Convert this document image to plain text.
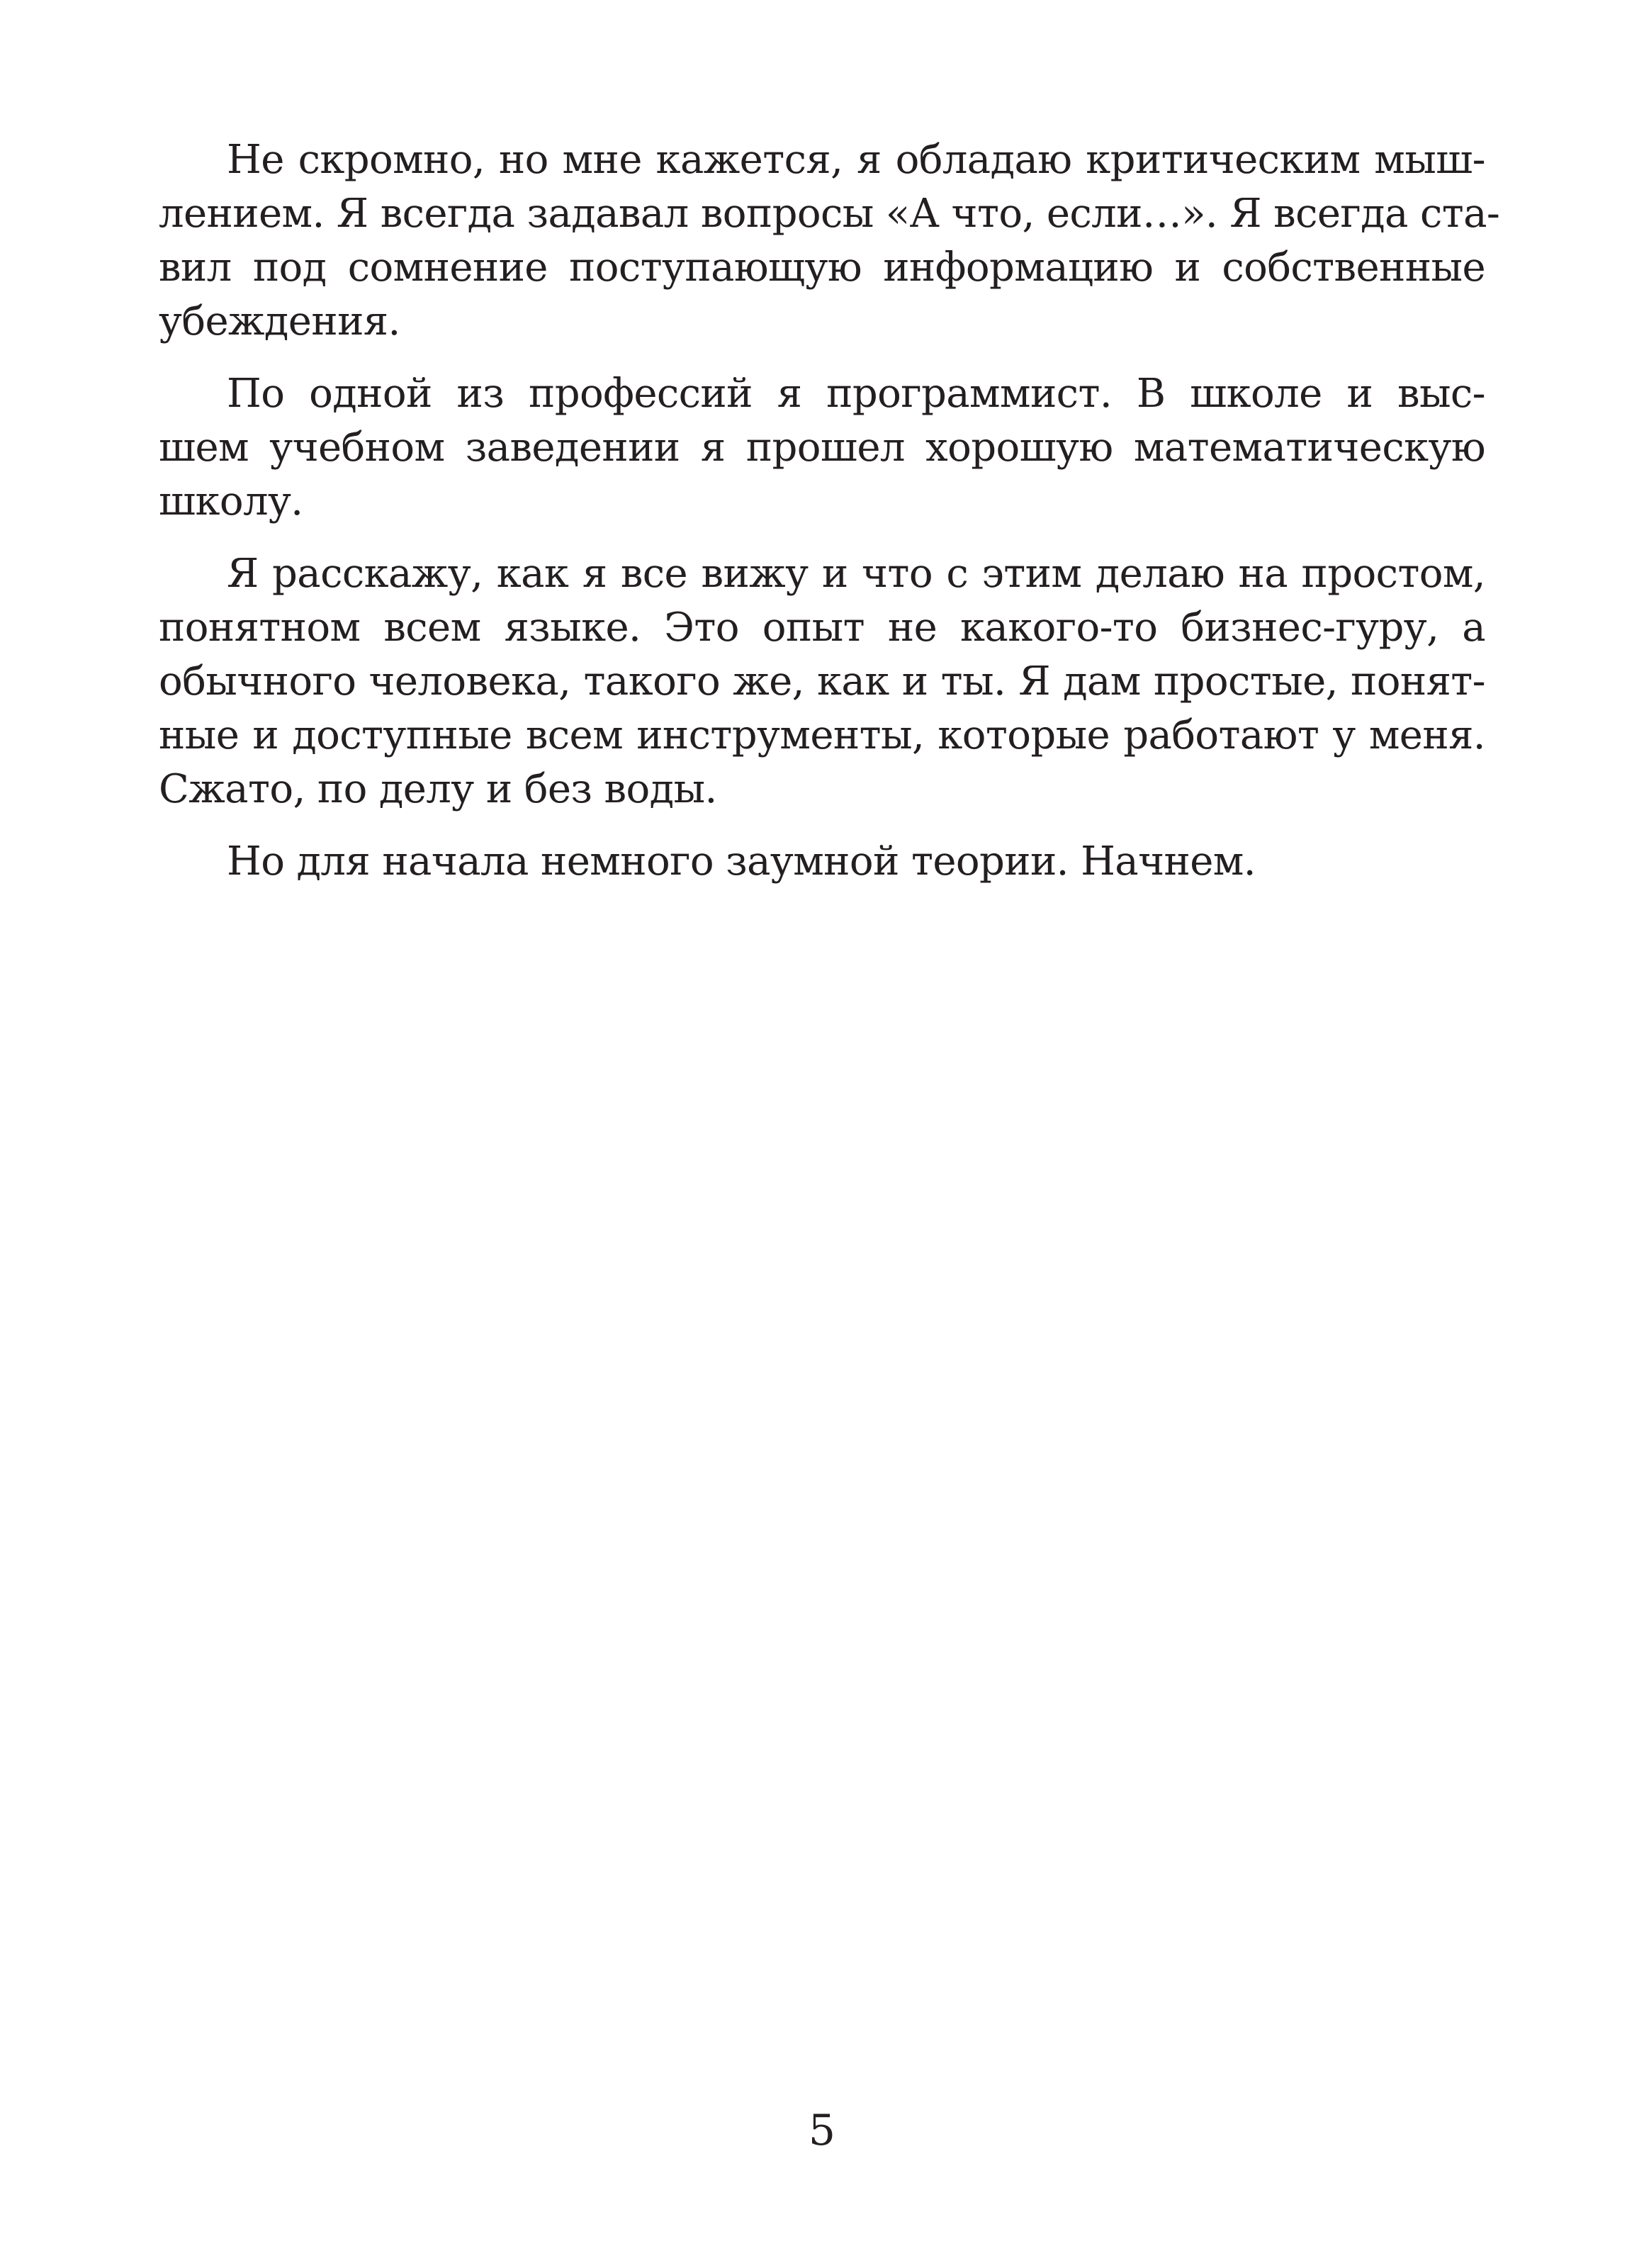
Не скромно, но мне кажется, я обладаю критическим мыш-
лением. Я всегда задавал вопросы «А что, если…». Я всегда ста-
вил под сомнение поступающую информацию и собственные
убеждения.
По одной из профессий я программист. В школе и выс-
шем учебном заведении я прошел хорошую математическую
школу.
Я расскажу, как я все вижу и что с этим делаю на простом,
понятном всем языке. Это опыт не какого-то бизнес-гуру, а
обычного человека, такого же, как и ты. Я дам простые, понят-
ные и доступные всем инструменты, которые работают у меня.
Сжато, по делу и без воды.
Но для начала немного заумной теории. Начнем.
5
